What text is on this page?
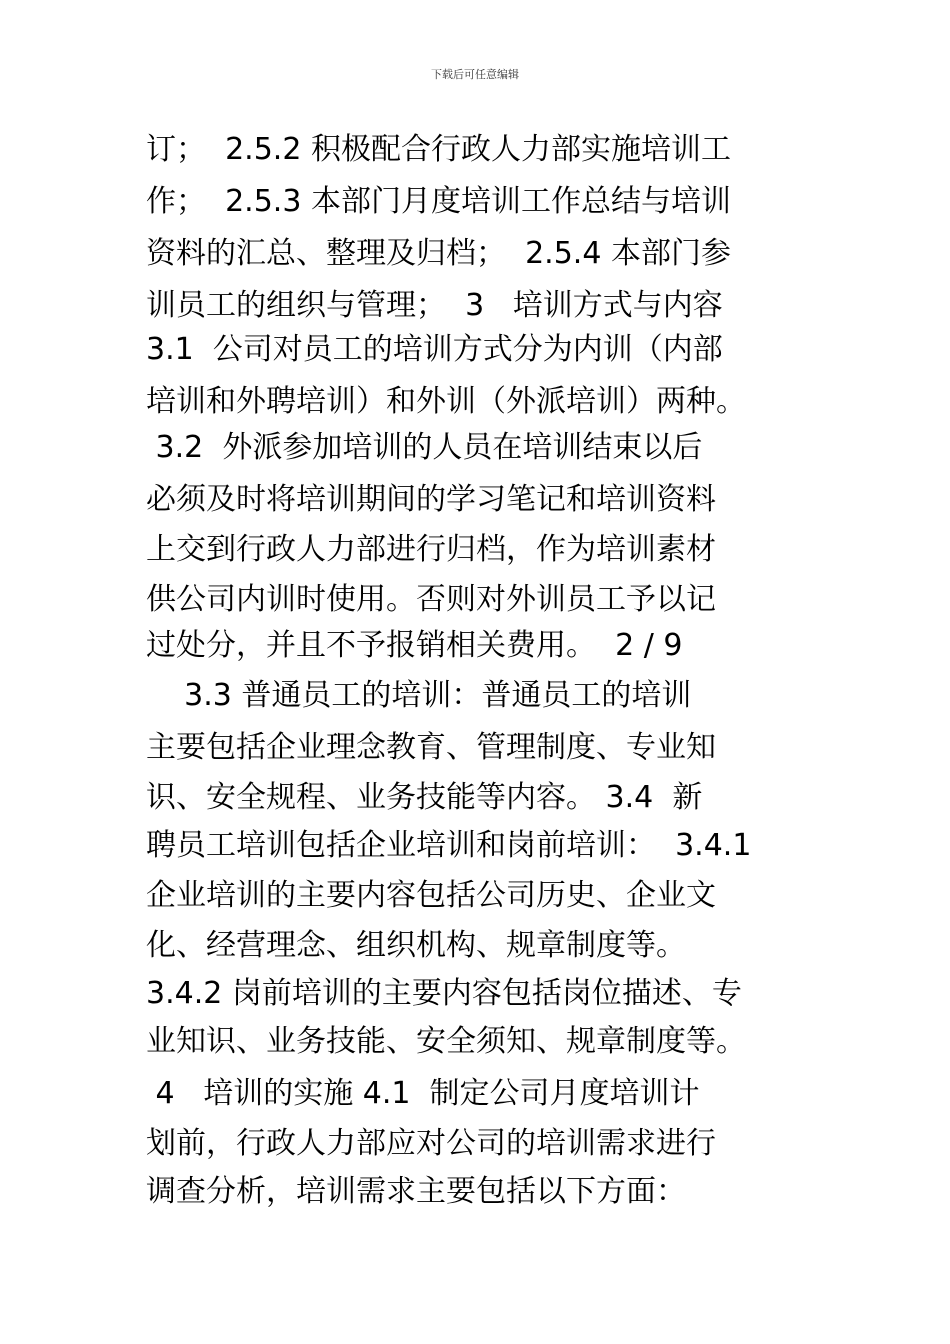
下载后可任意编辑
订；  2.5.2 积极配合行政人力部实施培训工
作；  2.5.3 本部门月度培训工作总结与培训
资料的汇总、整理及归档；  2.5.4 本部门参
训员工的组织与管理；  3   培训方式与内容
3.1  公司对员工的培训方式分为内训（内部
培训和外聘培训）和外训（外派培训）两种。
3.2  外派参加培训的人员在培训结束以后
必须及时将培训期间的学习笔记和培训资料
上交到行政人力部进行归档，作为培训素材
供公司内训时使用。否则对外训员工予以记
过处分，并且不予报销相关费用。  2 / 9
3.3 普通员工的培训：普通员工的培训
主要包括企业理念教育、管理制度、专业知
识、安全规程、业务技能等内容。 3.4  新
聘员工培训包括企业培训和岗前培训：  3.4.1
企业培训的主要内容包括公司历史、企业文
化、经营理念、组织机构、规章制度等。
3.4.2 岗前培训的主要内容包括岗位描述、专
业知识、业务技能、安全须知、规章制度等。
4   培训的实施 4.1  制定公司月度培训计
划前，行政人力部应对公司的培训需求进行
调查分析，培训需求主要包括以下方面：
